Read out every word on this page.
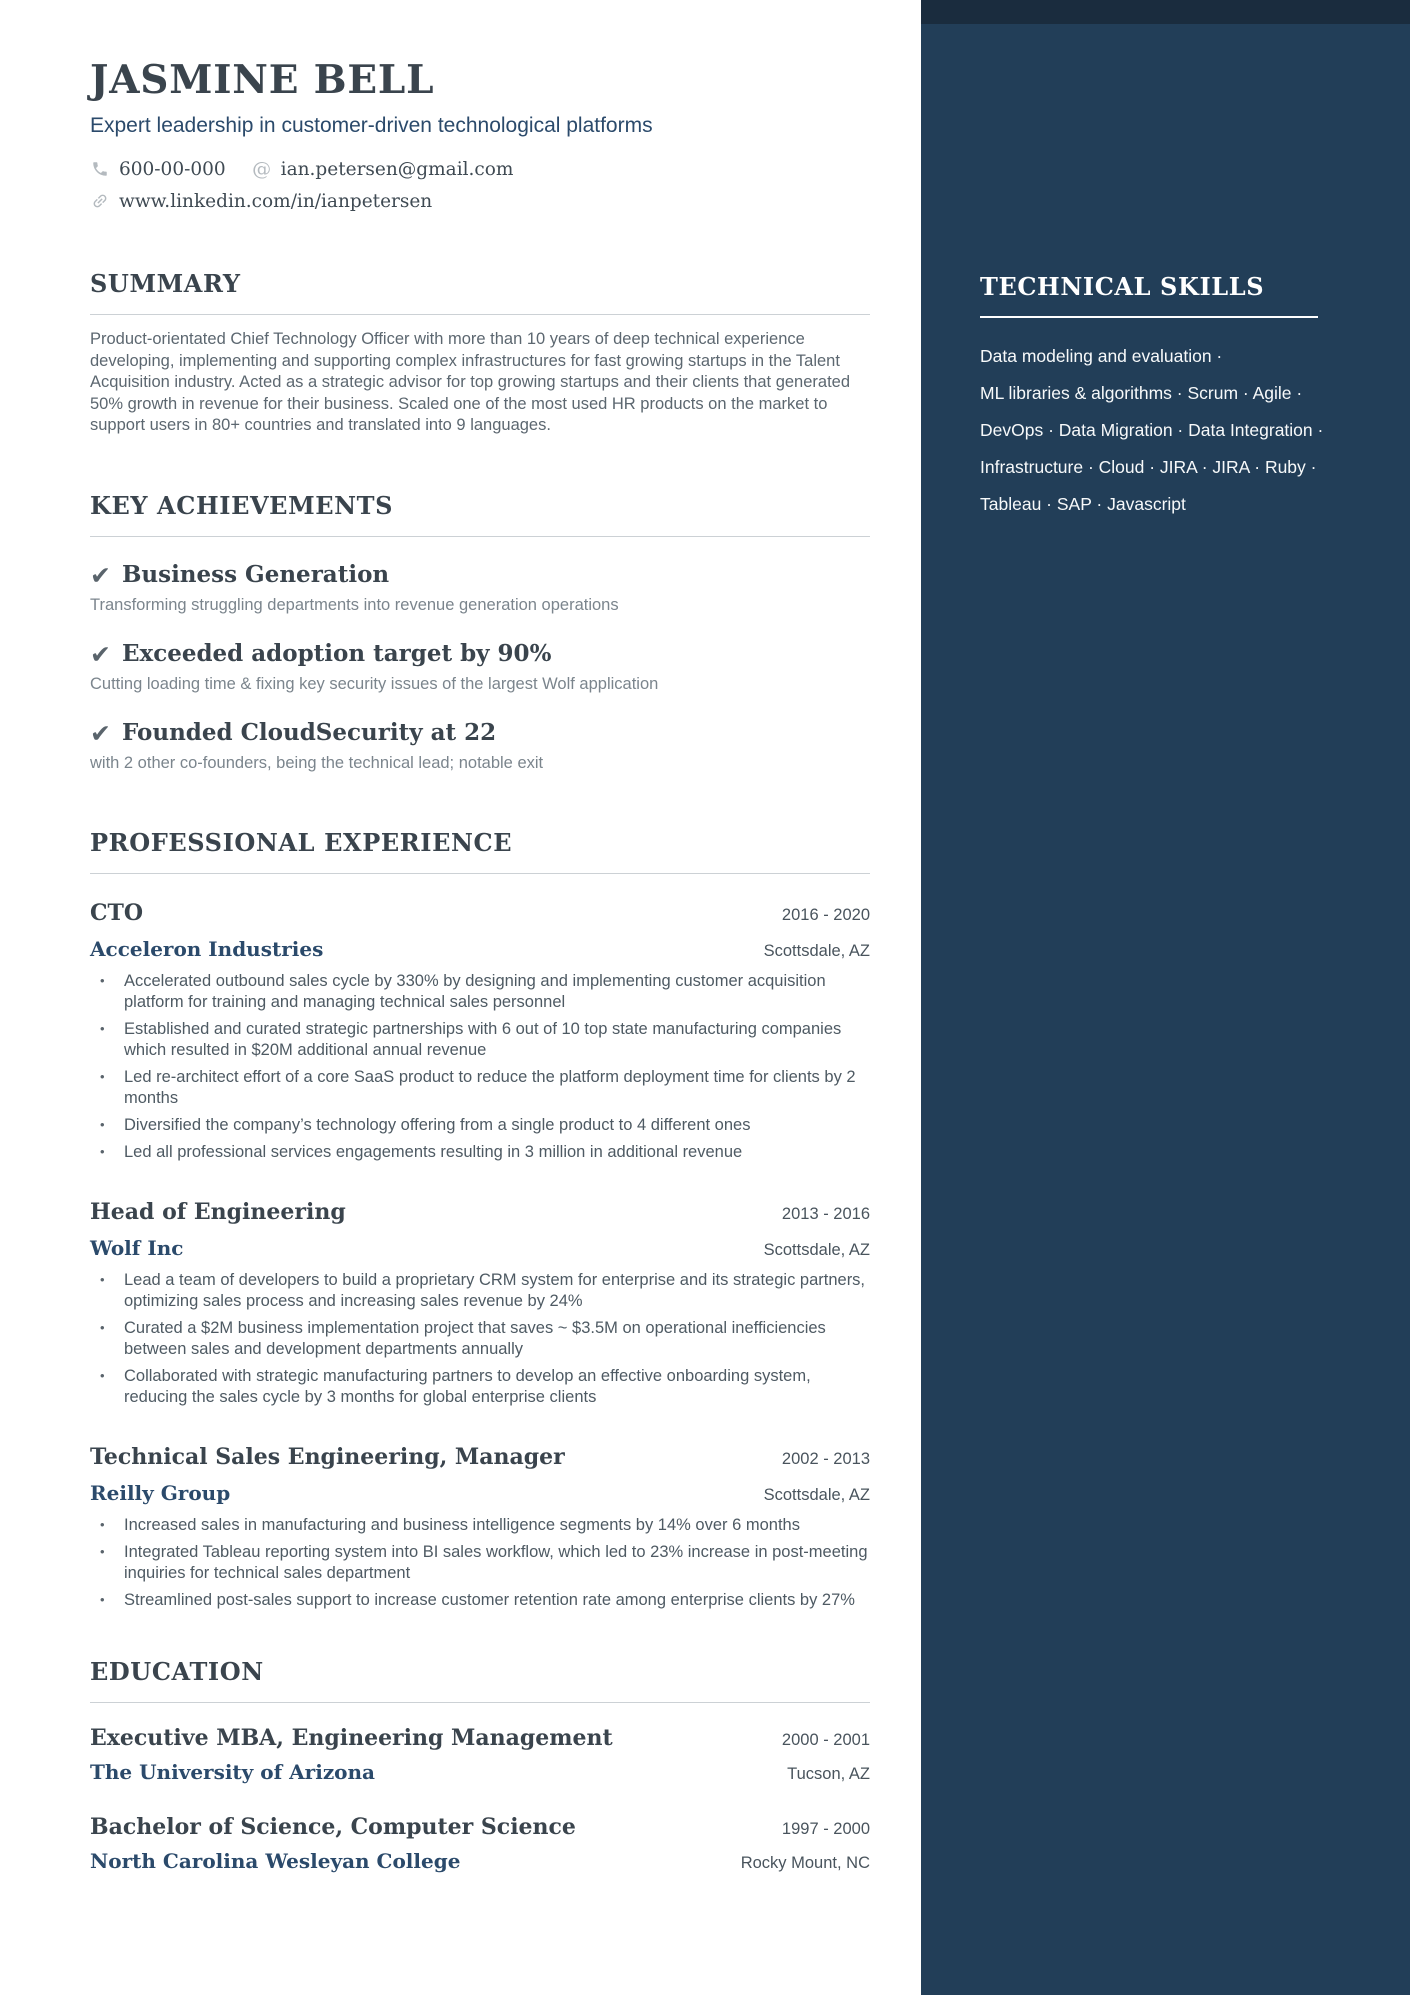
JASMINE BELL
Expert leadership in customer-driven technological platforms
600-00-000 @ ian.petersen@gmail.com
www.linkedin.com/in/ianpetersen
SUMMARY

Product-orientated Chief Technology Officer with more than 10 years of deep technical experience developing, implementing and supporting complex infrastructures for fast growing startups in the Talent Acquisition industry. Acted as a strategic advisor for top growing startups and their clients that generated 50% growth in revenue for their business. Scaled one of the most used HR products on the market to support users in 80+ countries and translated into 9 languages.

KEY ACHIEVEMENTS
✔ Business Generation
Transforming struggling departments into revenue generation operations
✔ Exceeded adoption target by 90%
Cutting loading time & fixing key security issues of the largest Wolf application
✔ Founded CloudSecurity at 22
with 2 other co-founders, being the technical lead; notable exit
PROFESSIONAL EXPERIENCE
CTO	2016 - 2020
Acceleron Industries	Scottsdale, AZ
• Accelerated outbound sales cycle by 330% by designing and implementing customer acquisition platform for training and managing technical sales personnel
• Established and curated strategic partnerships with 6 out of 10 top state manufacturing companies which resulted in $20M additional annual revenue
• Led re-architect effort of a core SaaS product to reduce the platform deployment time for clients by 2 months
• Diversified the company’s technology offering from a single product to 4 different ones
• Led all professional services engagements resulting in 3 million in additional revenue
Head of Engineering	2013 - 2016
Wolf Inc	Scottsdale, AZ
• Lead a team of developers to build a proprietary CRM system for enterprise and its strategic partners, optimizing sales process and increasing sales revenue by 24%
• Curated a $2M business implementation project that saves ~ $3.5M on operational inefficiencies between sales and development departments annually
• Collaborated with strategic manufacturing partners to develop an effective onboarding system, reducing the sales cycle by 3 months for global enterprise clients
Technical Sales Engineering, Manager	2002 - 2013
Reilly Group	Scottsdale, AZ
• Increased sales in manufacturing and business intelligence segments by 14% over 6 months
• Integrated Tableau reporting system into BI sales workflow, which led to 23% increase in post-meeting inquiries for technical sales department
• Streamlined post-sales support to increase customer retention rate among enterprise clients by 27%
EDUCATION
Executive MBA, Engineering Management	2000 - 2001
The University of Arizona	Tucson, AZ
Bachelor of Science, Computer Science	1997 - 2000
North Carolina Wesleyan College	Rocky Mount, NC
TECHNICAL SKILLS
Data modeling and evaluation ·
ML libraries & algorithms · Scrum · Agile ·
DevOps · Data Migration · Data Integration ·
Infrastructure · Cloud · JIRA · JIRA · Ruby ·
Tableau · SAP · Javascript
